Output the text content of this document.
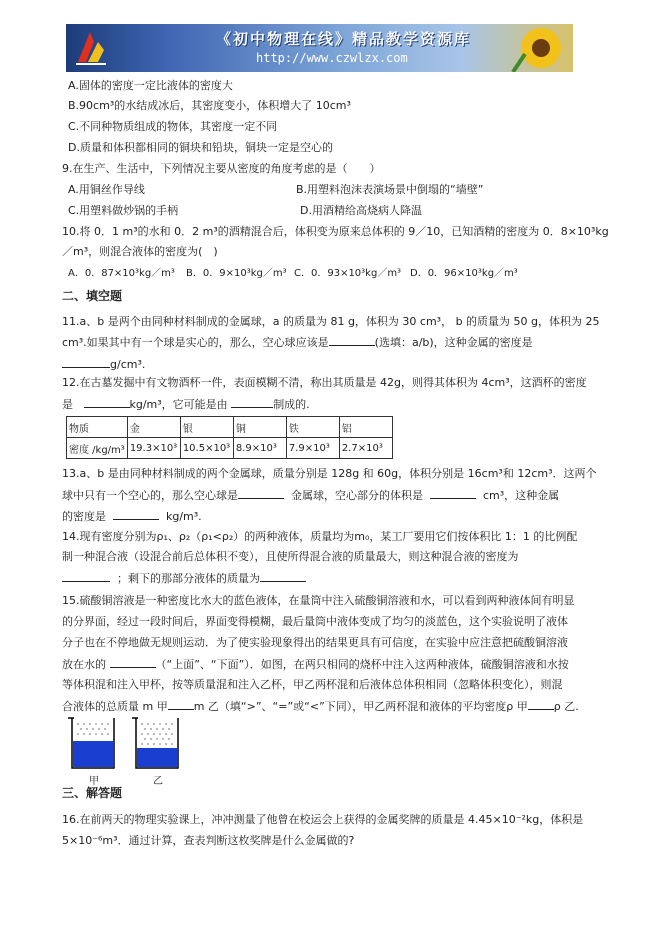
《初中物理在线》精品教学资源库
http://www.czwlzx.com
A.固体的密度一定比液体的密度大
B.90cm³的水结成冰后，其密度变小，体积增大了 10cm³
C.不同种物质组成的物体，其密度一定不同
D.质量和体积都相同的铜块和铅块，铜块一定是空心的
9.在生产、生活中，下列情况主要从密度的角度考虑的是（　　）
A.用铜丝作导线	B.用塑料泡沫表演场景中倒塌的“墙壁”
C.用塑料做炒锅的手柄	D.用酒精给高烧病人降温
10.将 0．1 m³的水和 0．2 m³的酒精混合后，体积变为原来总体积的 9／10，已知酒精的密度为 0．8×10³kg
／m³，则混合液体的密度为(　)
A．0．87×10³kg／m³ B．0．9×10³kg／m³ C．0．93×10³kg／m³ D．0．96×10³kg／m³
二、填空题
11.a、b 是两个由同种材料制成的金属球，a 的质量为 81 g，体积为 30 cm³， b 的质量为 50 g，体积为 25
cm³.如果其中有一个球是实心的，那么，空心球应该是	(选填：a/b)，这种金属的密度是
g/cm³.
12.在古墓发掘中有文物酒杯一件，表面模糊不清，称出其质量是 42g，则得其体积为 4cm³，这酒杯的密度
是	kg/m³，它可能是由	制成的.
物质	金	银	铜	铁	铝
密度 /kg/m³	19.3×10³	10.5×10³	8.9×10³	7.9×10³	2.7×10³
13.a、b 是由同种材料制成的两个金属球，质量分别是 128g 和 60g，体积分别是 16cm³和 12cm³．这两个
球中只有一个空心的，那么空心球是	金属球，空心部分的体积是	cm³，这种金属
的密度是	kg/m³.
14.现有密度分别为ρ₁、ρ₂（ρ₁<ρ₂）的两种液体，质量均为m₀，某工厂要用它们按体积比 1：1 的比例配
制一种混合液（设混合前后总体积不变），且使所得混合液的质量最大，则这种混合液的密度为
；剩下的那部分液体的质量为
15.硫酸铜溶液是一种密度比水大的蓝色液体，在量筒中注入硫酸铜溶液和水，可以看到两种液体间有明显
的分界面，经过一段时间后，界面变得模糊，最后量筒中液体变成了均匀的淡蓝色，这个实验说明了液体
分子也在不停地做无规则运动．为了使实验现象得出的结果更具有可信度，在实验中应注意把硫酸铜溶液
放在水的	（“上面”、“下面”）．如图，在两只相同的烧杯中注入这两种液体，硫酸铜溶液和水按
等体积混和注入甲杯，按等质量混和注入乙杯，甲乙两杯混和后液体总体积相同（忽略体积变化），则混
合液体的总质量 m 甲 m 乙（填“>”、“=”或“<”下同），甲乙两杯混和液体的平均密度ρ 甲 ρ 乙.
甲	乙
三、解答题
16.在前两天的物理实验课上，冲冲测量了他曾在校运会上获得的金属奖牌的质量是 4.45×10⁻²kg，体积是
5×10⁻⁶m³．通过计算，查表判断这枚奖牌是什么金属做的?
